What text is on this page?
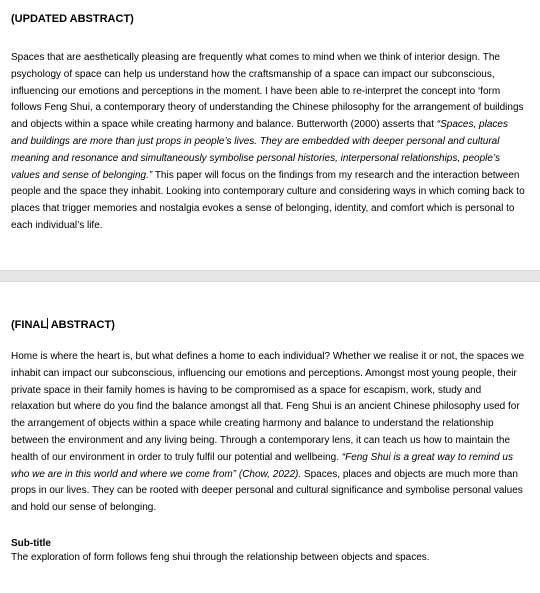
(UPDATED ABSTRACT)

Spaces that are aesthetically pleasing are frequently what comes to mind when we think of interior design. The psychology of space can help us understand how the craftsmanship of a space can impact our subconscious, influencing our emotions and perceptions in the moment. I have been able to re-interpret the concept into ‘form follows Feng Shui, a contemporary theory of understanding the Chinese philosophy for the arrangement of buildings and objects within a space while creating harmony and balance. Butterworth (2000) asserts that “Spaces, places and buildings are more than just props in people’s lives. They are embedded with deeper personal and cultural meaning and resonance and simultaneously symbolise personal histories, interpersonal relationships, people’s values and sense of belonging.” This paper will focus on the findings from my research and the interaction between people and the space they inhabit. Looking into contemporary culture and considering ways in which coming back to places that trigger memories and nostalgia evokes a sense of belonging, identity, and comfort which is personal to each individual’s life.

(FINAL ABSTRACT)

Home is where the heart is, but what defines a home to each individual? Whether we realise it or not, the spaces we inhabit can impact our subconscious, influencing our emotions and perceptions. Amongst most young people, their private space in their family homes is having to be compromised as a space for escapism, work, study and relaxation but where do you find the balance amongst all that. Feng Shui is an ancient Chinese philosophy used for the arrangement of objects within a space while creating harmony and balance to understand the relationship between the environment and any living being. Through a contemporary lens, it can teach us how to maintain the health of our environment in order to truly fulfil our potential and wellbeing. “Feng Shui is a great way to remind us who we are in this world and where we come from” (Chow, 2022). Spaces, places and objects are much more than props in our lives. They can be rooted with deeper personal and cultural significance and symbolise personal values and hold our sense of belonging.

Sub-title

The exploration of form follows feng shui through the relationship between objects and spaces.
